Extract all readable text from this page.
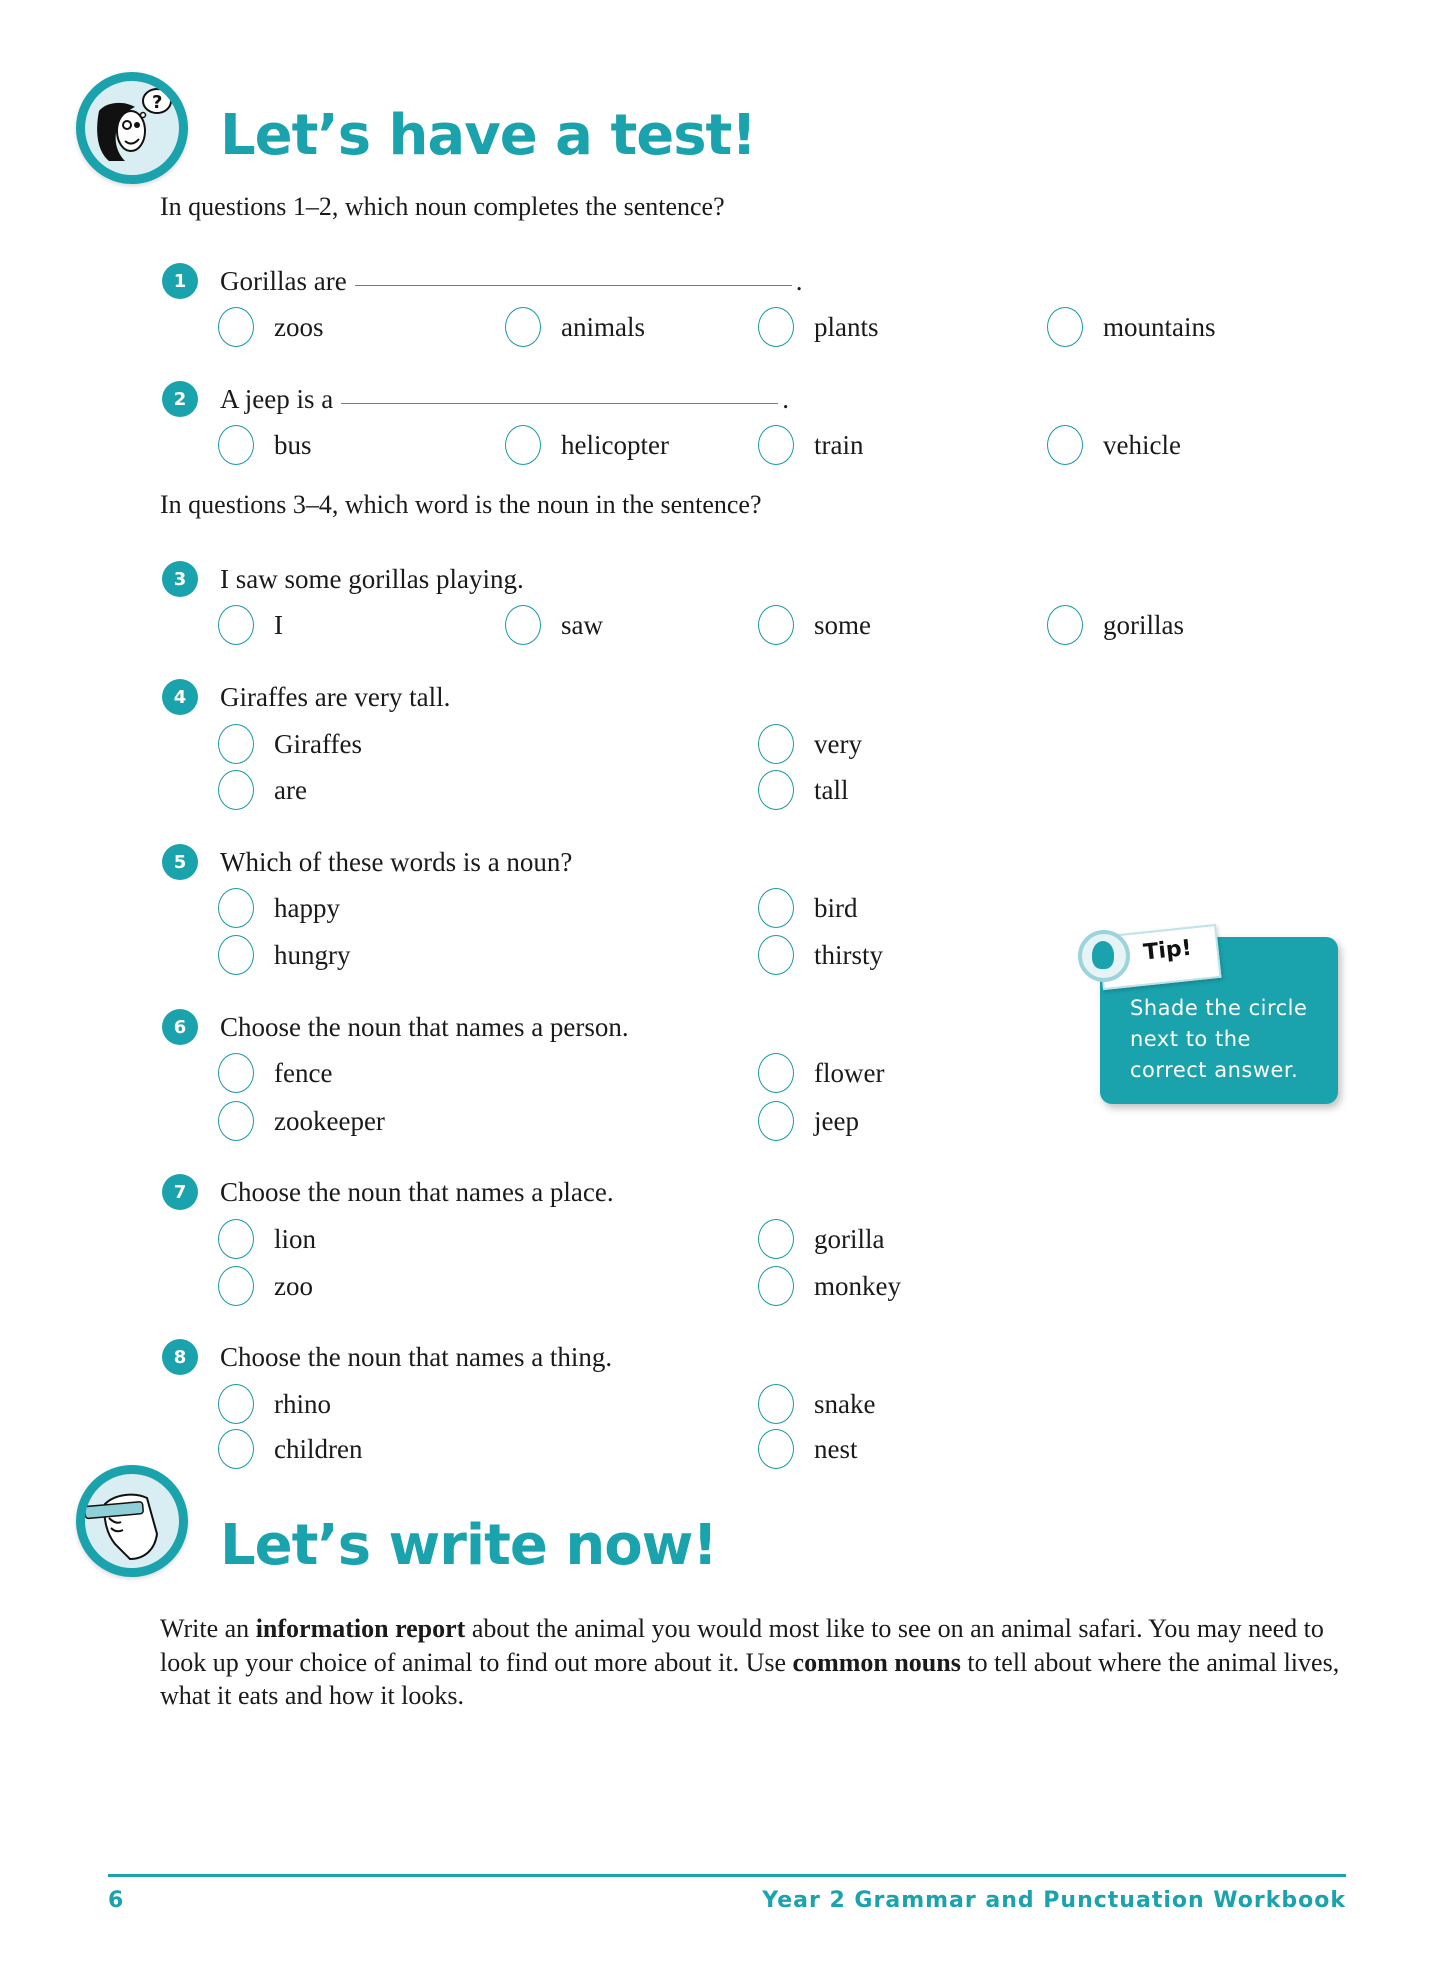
?
Let’s have a test!
In questions 1–2, which noun completes the sentence?
1	Gorillas are	.
zoos	animals	plants	mountains
2	A jeep is a	.
bus	helicopter	train	vehicle
In questions 3–4, which word is the noun in the sentence?
3	I saw some gorillas playing.
I	saw	some	gorillas
4	Giraffes are very tall.
Giraffes
are
very
tall
5	Which of these words is a noun?
happy
hungry
bird
thirsty
6	Choose the noun that names a person.
fence
zookeeper
flower
jeep
7	Choose the noun that names a place.
lion
zoo
gorilla
monkey
8	Choose the noun that names a thing.
rhino
children
snake
nest
Shade the circle
next to the
correct answer.
Tip!
Let’s write now!
Write an information report about the animal you would most like to see on an animal safari. You may need to look up your choice of animal to find out more about it. Use common nouns to tell about where the animal lives, what it eats and how it looks.
6	Year 2 Grammar and Punctuation Workbook
